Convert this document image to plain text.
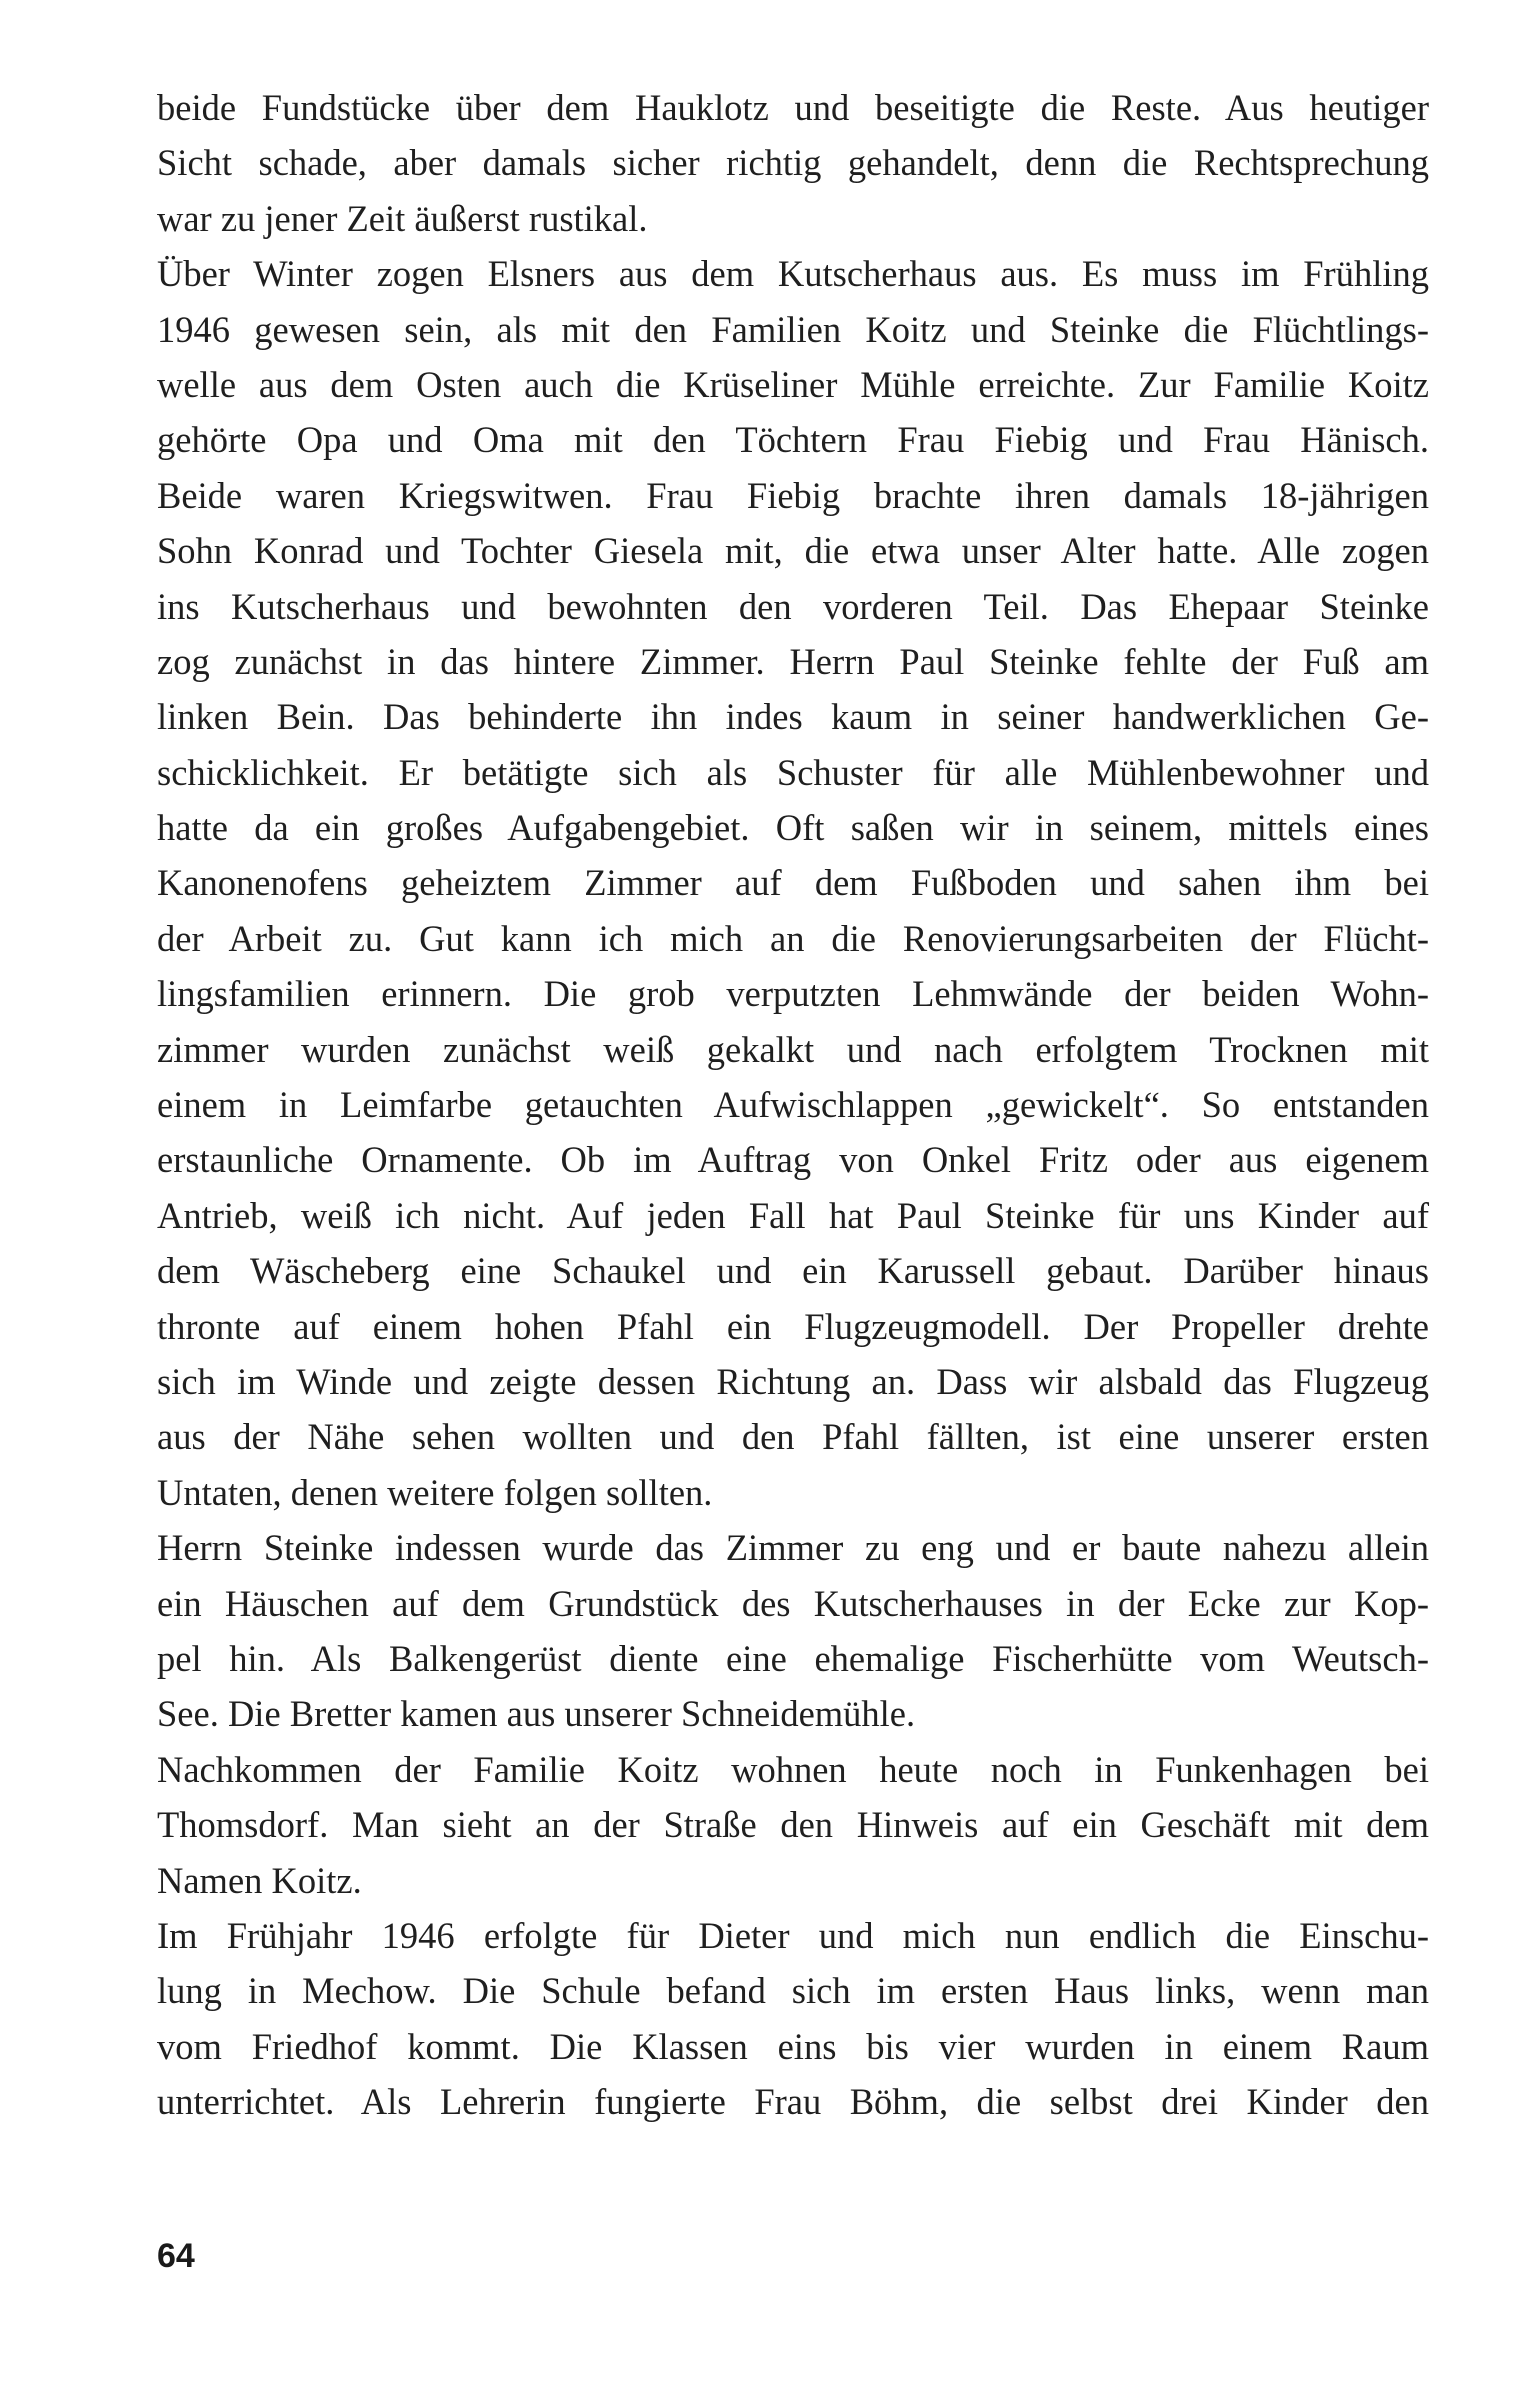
beide Fundstücke über dem Hauklotz und beseitigte die Reste. Aus heutiger
Sicht schade, aber damals sicher richtig gehandelt, denn die Rechtsprechung
war zu jener Zeit äußerst rustikal.

Über Winter zogen Elsners aus dem Kutscherhaus aus. Es muss im Frühling
1946 gewesen sein, als mit den Familien Koitz und Steinke die Flüchtlings-
welle aus dem Osten auch die Krüseliner Mühle erreichte. Zur Familie Koitz
gehörte Opa und Oma mit den Töchtern Frau Fiebig und Frau Hänisch.
Beide waren Kriegswitwen. Frau Fiebig brachte ihren damals 18-jährigen
Sohn Konrad und Tochter Giesela mit, die etwa unser Alter hatte. Alle zogen
ins Kutscherhaus und bewohnten den vorderen Teil. Das Ehepaar Steinke
zog zunächst in das hintere Zimmer. Herrn Paul Steinke fehlte der Fuß am
linken Bein. Das behinderte ihn indes kaum in seiner handwerklichen Ge-
schicklichkeit. Er betätigte sich als Schuster für alle Mühlenbewohner und
hatte da ein großes Aufgabengebiet. Oft saßen wir in seinem, mittels eines
Kanonenofens geheiztem Zimmer auf dem Fußboden und sahen ihm bei
der Arbeit zu. Gut kann ich mich an die Renovierungsarbeiten der Flücht-
lingsfamilien erinnern. Die grob verputzten Lehmwände der beiden Wohn-
zimmer wurden zunächst weiß gekalkt und nach erfolgtem Trocknen mit
einem in Leimfarbe getauchten Aufwischlappen „gewickelt“. So entstanden
erstaunliche Ornamente. Ob im Auftrag von Onkel Fritz oder aus eigenem
Antrieb, weiß ich nicht. Auf jeden Fall hat Paul Steinke für uns Kinder auf
dem Wäscheberg eine Schaukel und ein Karussell gebaut. Darüber hinaus
thronte auf einem hohen Pfahl ein Flugzeugmodell. Der Propeller drehte
sich im Winde und zeigte dessen Richtung an. Dass wir alsbald das Flugzeug
aus der Nähe sehen wollten und den Pfahl fällten, ist eine unserer ersten
Untaten, denen weitere folgen sollten.

Herrn Steinke indessen wurde das Zimmer zu eng und er baute nahezu allein
ein Häuschen auf dem Grundstück des Kutscherhauses in der Ecke zur Kop-
pel hin. Als Balkengerüst diente eine ehemalige Fischerhütte vom Weutsch-
See. Die Bretter kamen aus unserer Schneidemühle.

Nachkommen der Familie Koitz wohnen heute noch in Funkenhagen bei
Thomsdorf. Man sieht an der Straße den Hinweis auf ein Geschäft mit dem
Namen Koitz.

Im Frühjahr 1946 erfolgte für Dieter und mich nun endlich die Einschu-
lung in Mechow. Die Schule befand sich im ersten Haus links, wenn man
vom Friedhof kommt. Die Klassen eins bis vier wurden in einem Raum
unterrichtet. Als Lehrerin fungierte Frau Böhm, die selbst drei Kinder den

64
